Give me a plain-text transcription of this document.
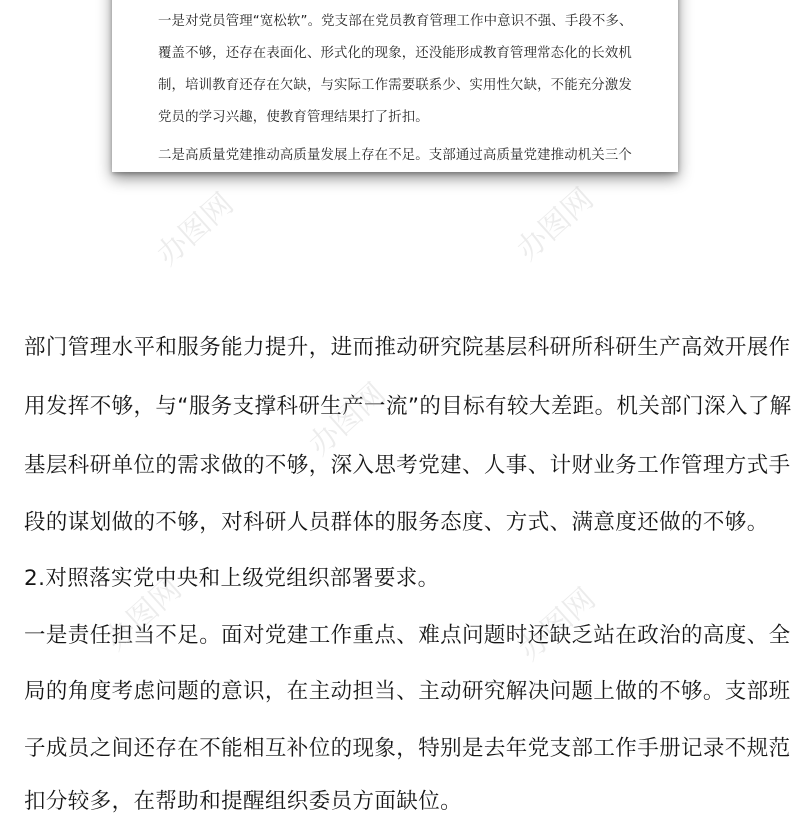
一是对党员管理“宽松软”。党支部在党员教育管理工作中意识不强、手段不多、
覆盖不够，还存在表面化、形式化的现象，还没能形成教育管理常态化的长效机
制，培训教育还存在欠缺，与实际工作需要联系少、实用性欠缺，不能充分激发
党员的学习兴趣，使教育管理结果打了折扣。
二是高质量党建推动高质量发展上存在不足。支部通过高质量党建推动机关三个
部门管理水平和服务能力提升，进而推动研究院基层科研所科研生产高效开展作
用发挥不够，与“服务支撑科研生产一流”的目标有较大差距。机关部门深入了解
基层科研单位的需求做的不够，深入思考党建、人事、计财业务工作管理方式手
段的谋划做的不够，对科研人员群体的服务态度、方式、满意度还做的不够。
2.对照落实党中央和上级党组织部署要求。
一是责任担当不足。面对党建工作重点、难点问题时还缺乏站在政治的高度、全
局的角度考虑问题的意识，在主动担当、主动研究解决问题上做的不够。支部班
子成员之间还存在不能相互补位的现象，特别是去年党支部工作手册记录不规范
扣分较多，在帮助和提醒组织委员方面缺位。
办图网	办图网
办图网
办图网
办图网
